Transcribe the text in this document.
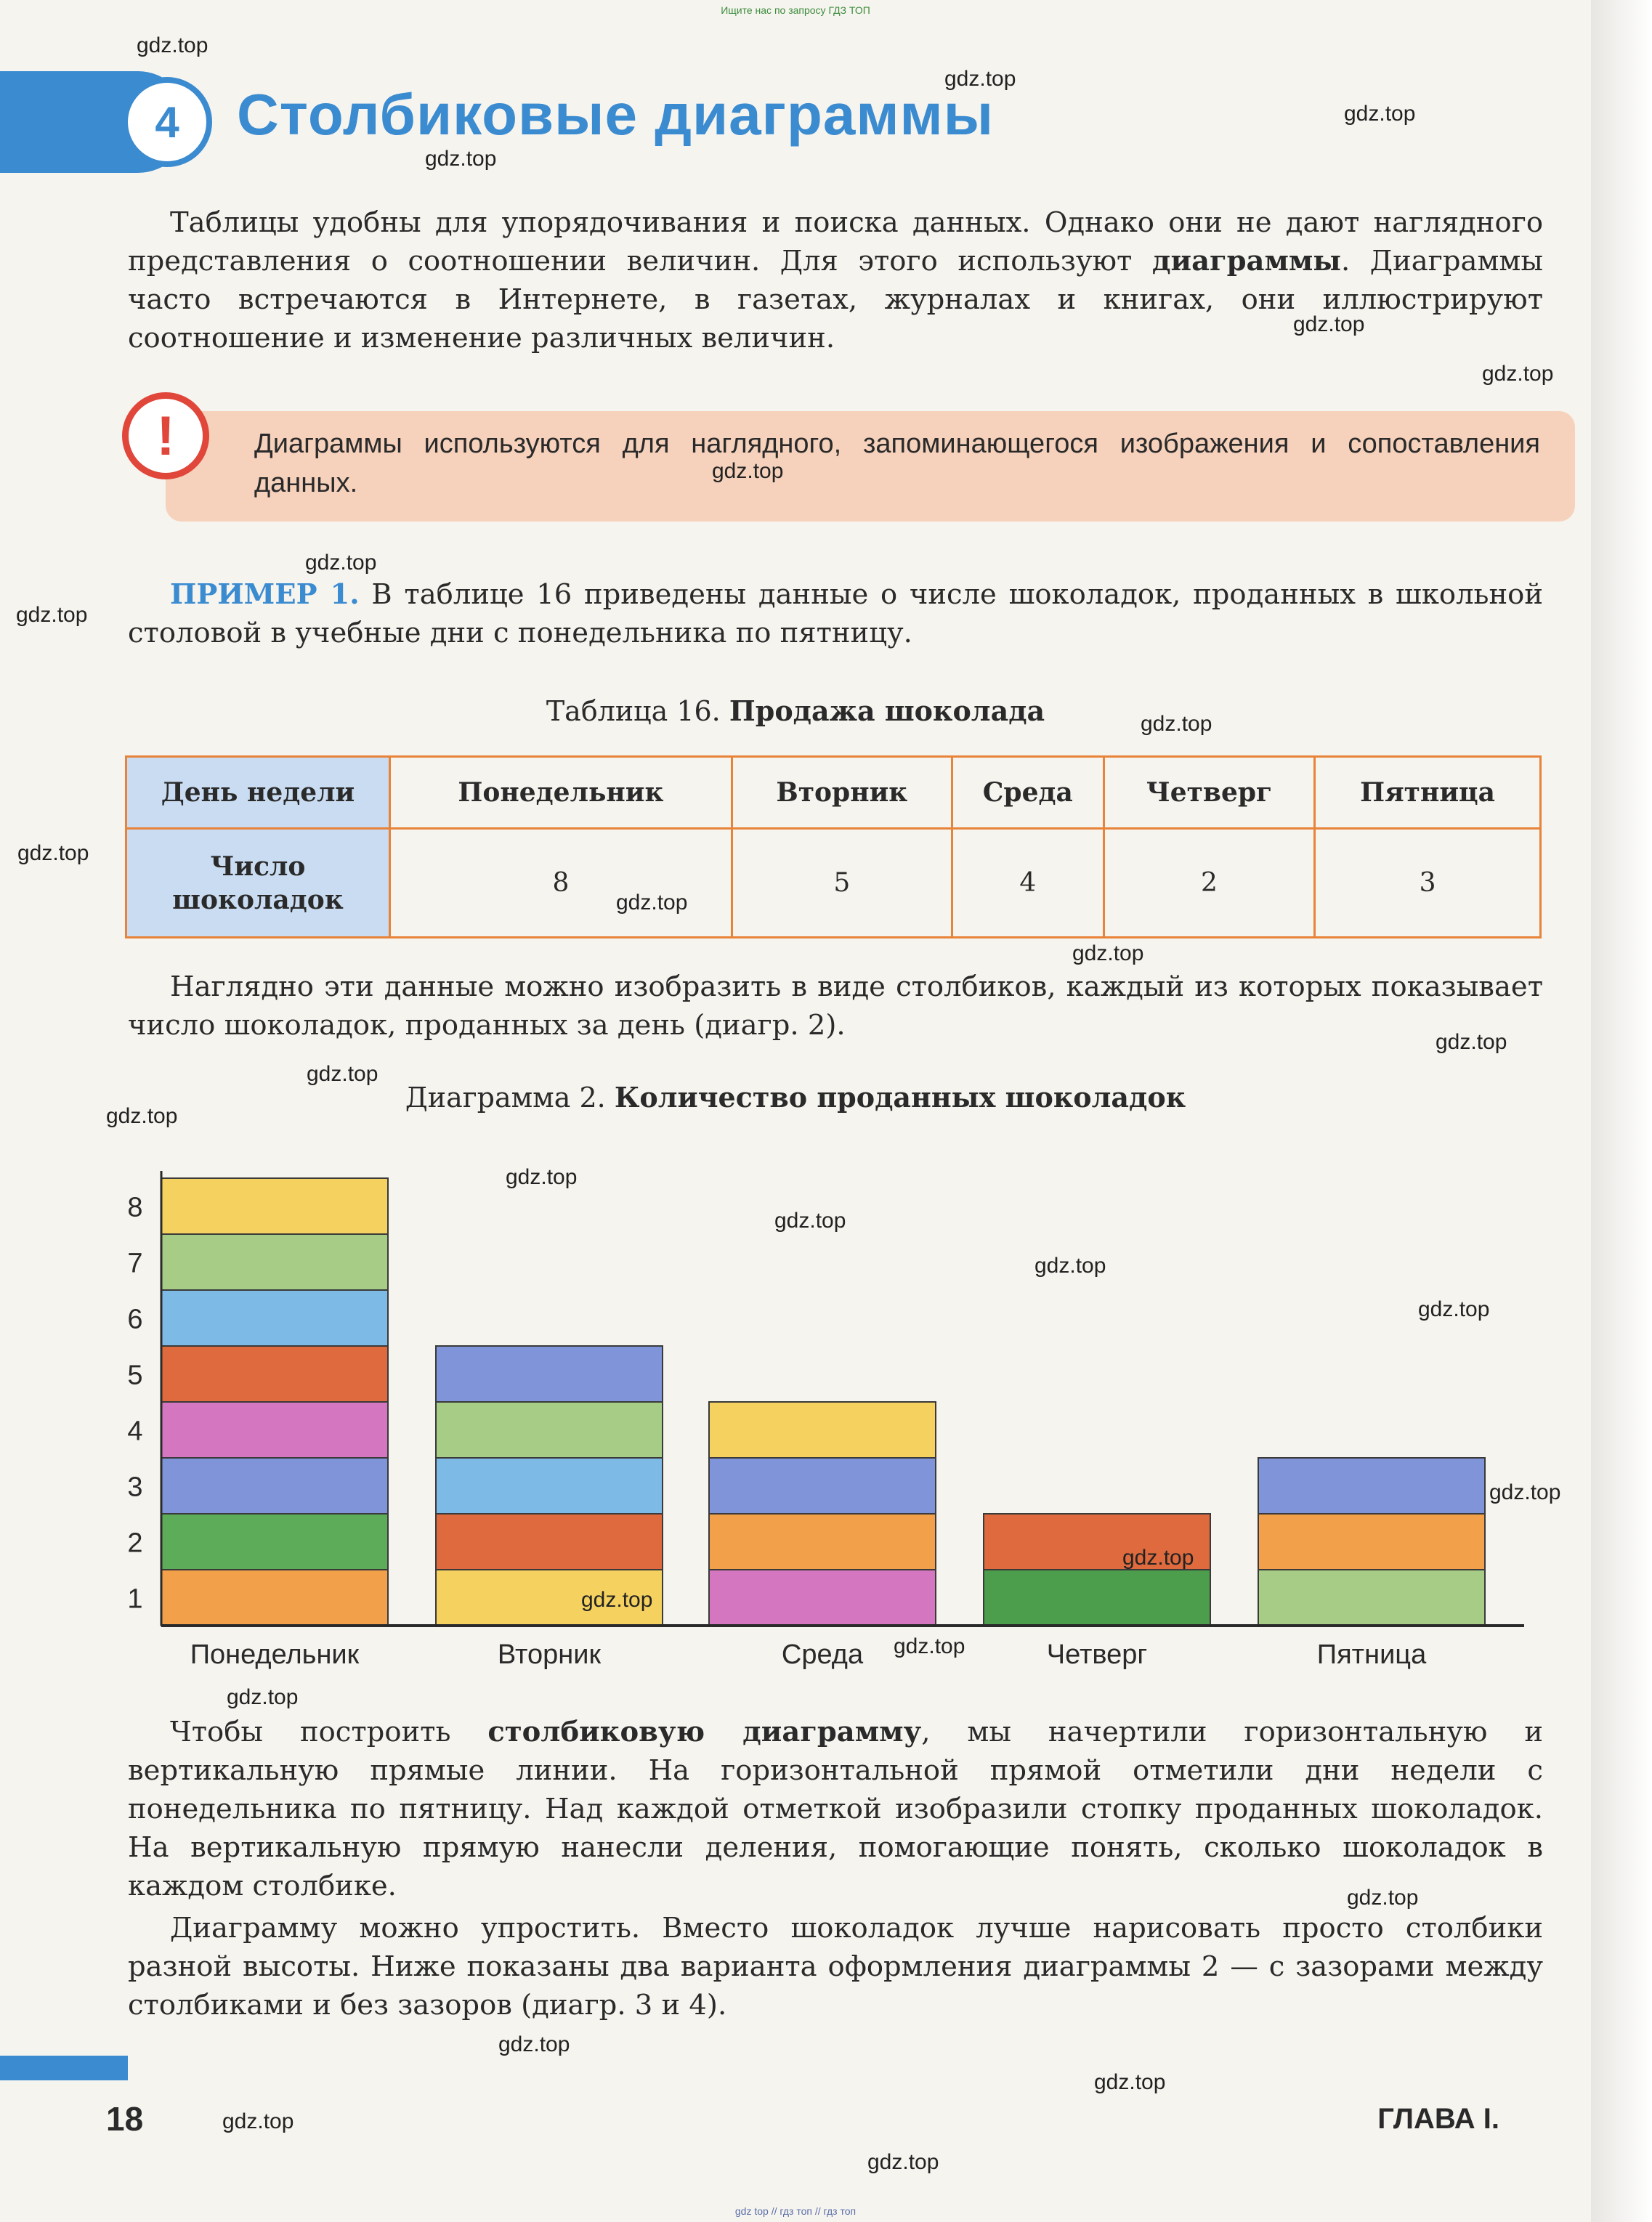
Ищите нас по запросу ГДЗ ТОП
4 Столбиковые диаграммы
Таблицы удобны для упорядочивания и поиска данных. Однако они не дают наглядного представления о соотношении величин. Для этого используют диаграммы. Диаграммы часто встречаются в Интернете, в газетах, журналах и книгах, они иллюстрируют соотношение и изменение различных величин.
!	Диаграммы используются для наглядного, запоминающегося изображения и сопоставления данных.
ПРИМЕР 1. В таблице 16 приведены данные о числе шоколадок, проданных в школьной столовой в учебные дни с понедельника по пятницу.
Таблица 16. Продажа шоколада
День недели	Понедельник	Вторник	Среда	Четверг	Пятница
Число шоколадок	8	5	4	2	3
Наглядно эти данные можно изобразить в виде столбиков, каждый из которых показывает число шоколадок, проданных за день (диагр. 2).
Диаграмма 2. Количество проданных шоколадок
Понедельник	Вторник	Среда	Четверг	Пятница
1
2
3
4
5
6
7
8
Чтобы построить столбиковую диаграмму, мы начертили горизонтальную и вертикальную прямые линии. На горизонтальной прямой отметили дни недели с понедельника по пятницу. Над каждой отметкой изобразили стопку проданных шоколадок. На вертикальную прямую нанесли деления, помогающие понять, сколько шоколадок в каждом столбике.
Диаграмму можно упростить. Вместо шоколадок лучше нарисовать просто столбики разной высоты. Ниже показаны два варианта оформления диаграммы 2 — с зазорами между столбиками и без зазоров (диагр. 3 и 4).
18	ГЛАВА I.
gdz top // гдз топ // гдз топ
gdz.top
gdz.top
gdz.top
gdz.top
gdz.top
gdz.top
gdz.top
gdz.top
gdz.top
gdz.top
gdz.top
gdz.top
gdz.top
gdz.top
gdz.top
gdz.top
gdz.top
gdz.top
gdz.top
gdz.top
gdz.top
gdz.top
gdz.top
gdz.top
gdz.top
gdz.top
gdz.top
gdz.top
gdz.top
gdz.top
